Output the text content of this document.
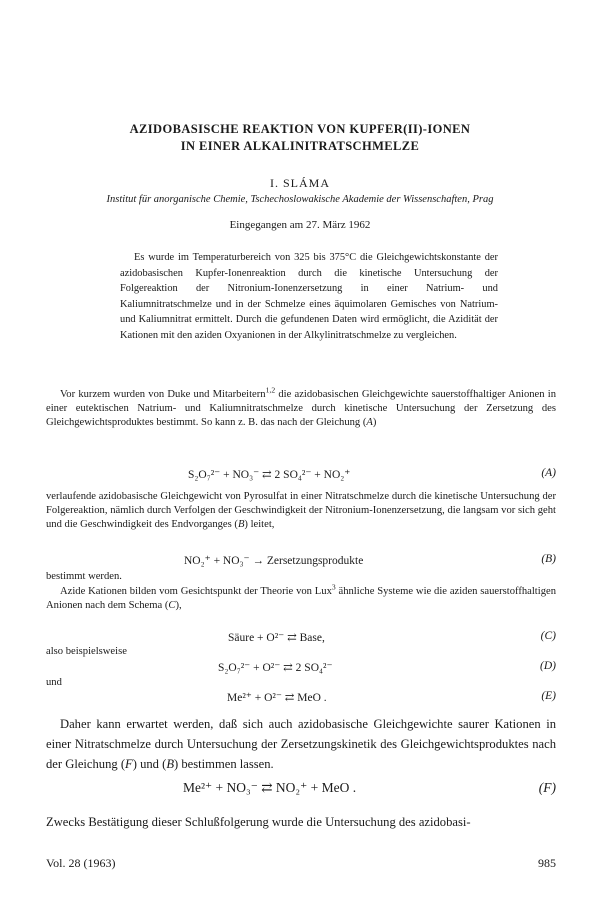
AZIDOBASISCHE REAKTION VON KUPFER(II)-IONEN
IN EINER ALKALINITRATSCHMELZE
I. SLÁMA
Institut für anorganische Chemie, Tschechoslowakische Akademie der Wissenschaften, Prag
Eingegangen am 27. März 1962

Es wurde im Temperaturbereich von 325 bis 375°C die Gleichgewichtskonstante der azidobasischen Kupfer-Ionenreaktion durch die kinetische Untersuchung der Folgereaktion der Nitronium-Ionenzersetzung in einer Natrium- und Kaliumnitratschmelze und in der Schmelze eines äquimolaren Gemisches von Natrium- und Kaliumnitrat ermittelt. Durch die gefundenen Daten wird ermöglicht, die Azidität der Kationen mit den aziden Oxyanionen in der Alkylinitratschmelze zu vergleichen.

Vor kurzem wurden von Duke und Mitarbeitern$^{1,2}$ die azidobasischen Gleichgewichte sauerstoffhaltiger Anionen in einer eutektischen Natrium- und Kaliumnitratschmelze durch kinetische Untersuchung der Zersetzung des Gleichgewichtsproduktes bestimmt. So kann z. B. das nach der Gleichung (A)

S₂O₇²⁻ + NO₃⁻ ⇄ 2 SO₄²⁻ + NO₂⁺	(A)

verlaufende azidobasische Gleichgewicht von Pyrosulfat in einer Nitratschmelze durch die kinetische Untersuchung der Folgereaktion, nämlich durch Verfolgen der Geschwindigkeit der Nitronium-Ionenzersetzung, die langsam vor sich geht und die Geschwindigkeit des Endvorganges (B) leitet,

NO₂⁺ + NO₃⁻ → Zersetzungsprodukte	(B)

bestimmt werden.

Azide Kationen bilden vom Gesichtspunkt der Theorie von Lux$^3$ ähnliche Systeme wie die aziden sauerstoffhaltigen Anionen nach dem Schema (C),

Säure + O²⁻ ⇄ Base,	(C)
also beispielsweise
S₂O₇²⁻ + O²⁻ ⇄ 2 SO₄²⁻	(D)
und
Me²⁺ + O²⁻ ⇄ MeO .	(E)

Daher kann erwartet werden, daß sich auch azidobasische Gleichgewichte saurer Kationen in einer Nitratschmelze durch Untersuchung der Zersetzungskinetik des Gleichgewichtsproduktes nach der Gleichung (F) und (B) bestimmen lassen.

Me²⁺ + NO₃⁻ ⇄ NO₂⁺ + MeO .	(F)

Zwecks Bestätigung dieser Schlußfolgerung wurde die Untersuchung des azidobasi-

Vol. 28 (1963)	985
